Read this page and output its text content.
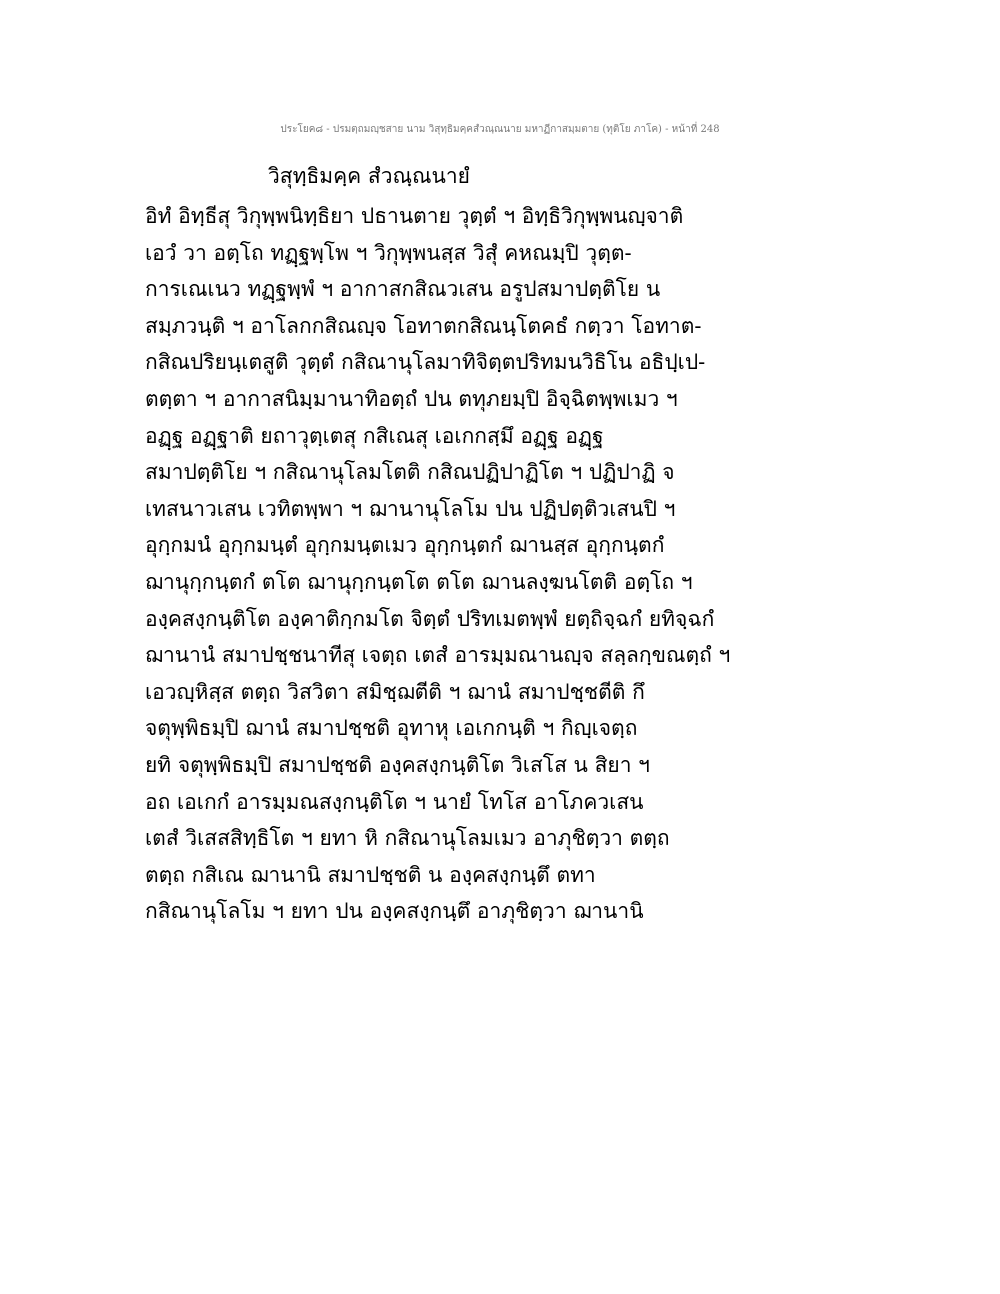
ประโยค๘ - ปรมตฺถมญฺชสาย นาม วิสุทฺธิมคฺคสํวณฺณนาย มหาฏีกาสมฺมตาย (ทุติโย ภาโค) - หน้าที่ 248
วิสุทฺธิมคฺค สํวณฺณนายํ
อิทํ อิทฺธีสุ วิกุพฺพนิทฺธิยา ปธานตาย วุตฺตํ ฯ อิทฺธิวิกุพฺพนญฺจาติ
เอวํ วา อตฺโถ ทฏฺฐพฺโพ ฯ วิกุพฺพนสฺส วิสุํ คหณมฺปิ วุตฺต-
การเณเนว ทฏฺฐพฺพํ ฯ อากาสกสิณวเสน อรูปสมาปตฺติโย น
สมฺภวนฺติ ฯ อาโลกกสิณญฺจ โอทาตกสิณนฺโตคธํ กตฺวา โอทาต-
กสิณปริยนฺเตสูติ วุตฺตํ กสิณานุโลมาทิจิตฺตปริทมนวิธิโน อธิปฺเป-
ตตฺตา ฯ อากาสนิมฺมานาทิอตฺถํ ปน ตทุภยมฺปิ อิจฺฉิตพฺพเมว ฯ
อฏฺฐ อฏฺฐาติ ยถาวุตฺเตสุ กสิเณสุ เอเกกสฺมึ อฏฺฐ อฏฺฐ
สมาปตฺติโย ฯ กสิณานุโลมโตติ กสิณปฏิปาฏิโต ฯ ปฏิปาฏิ จ
เทสนาวเสน เวทิตพฺพา ฯ ฌานานุโลโม ปน ปฏิปตฺติวเสนปิ ฯ
อุกฺกมนํ อุกฺกมนฺตํ อุกฺกมนฺตเมว อุกฺกนฺตกํ ฌานสฺส อุกฺกนฺตกํ
ฌานุกฺกนฺตกํ ตโต ฌานุกฺกนฺตโต ตโต ฌานลงฺฆนโตติ อตฺโถ ฯ
องฺคสงฺกนฺติโต องฺคาติกฺกมโต จิตฺตํ ปริทเมตพฺพํ ยตฺถิจฺฉกํ ยทิจฺฉกํ
ฌานานํ สมาปชฺชนาทีสุ เจตฺถ เตสํ อารมฺมณานญฺจ สลฺลกฺขณตฺถํ ฯ
เอวญฺหิสฺส ตตฺถ วิสวิตา สมิชฺฌตีติ ฯ ฌานํ สมาปชฺชตีติ กึ
จตุพฺพิธมฺปิ ฌานํ สมาปชฺชติ อุทาหุ เอเกกนฺติ ฯ กิญฺเจตฺถ
ยทิ จตุพฺพิธมฺปิ สมาปชฺชติ องฺคสงฺกนฺติโต วิเสโส น สิยา ฯ
อถ เอเกกํ อารมฺมณสงฺกนฺติโต ฯ นายํ โทโส อาโภควเสน
เตสํ วิเสสสิทฺธิโต ฯ ยทา หิ กสิณานุโลมเมว อาภุชิตฺวา ตตฺถ
ตตฺถ กสิเณ ฌานานิ สมาปชฺชติ น องฺคสงฺกนฺตึ ตทา
กสิณานุโลโม ฯ ยทา ปน องฺคสงฺกนฺตึ อาภุชิตฺวา ฌานานิ
